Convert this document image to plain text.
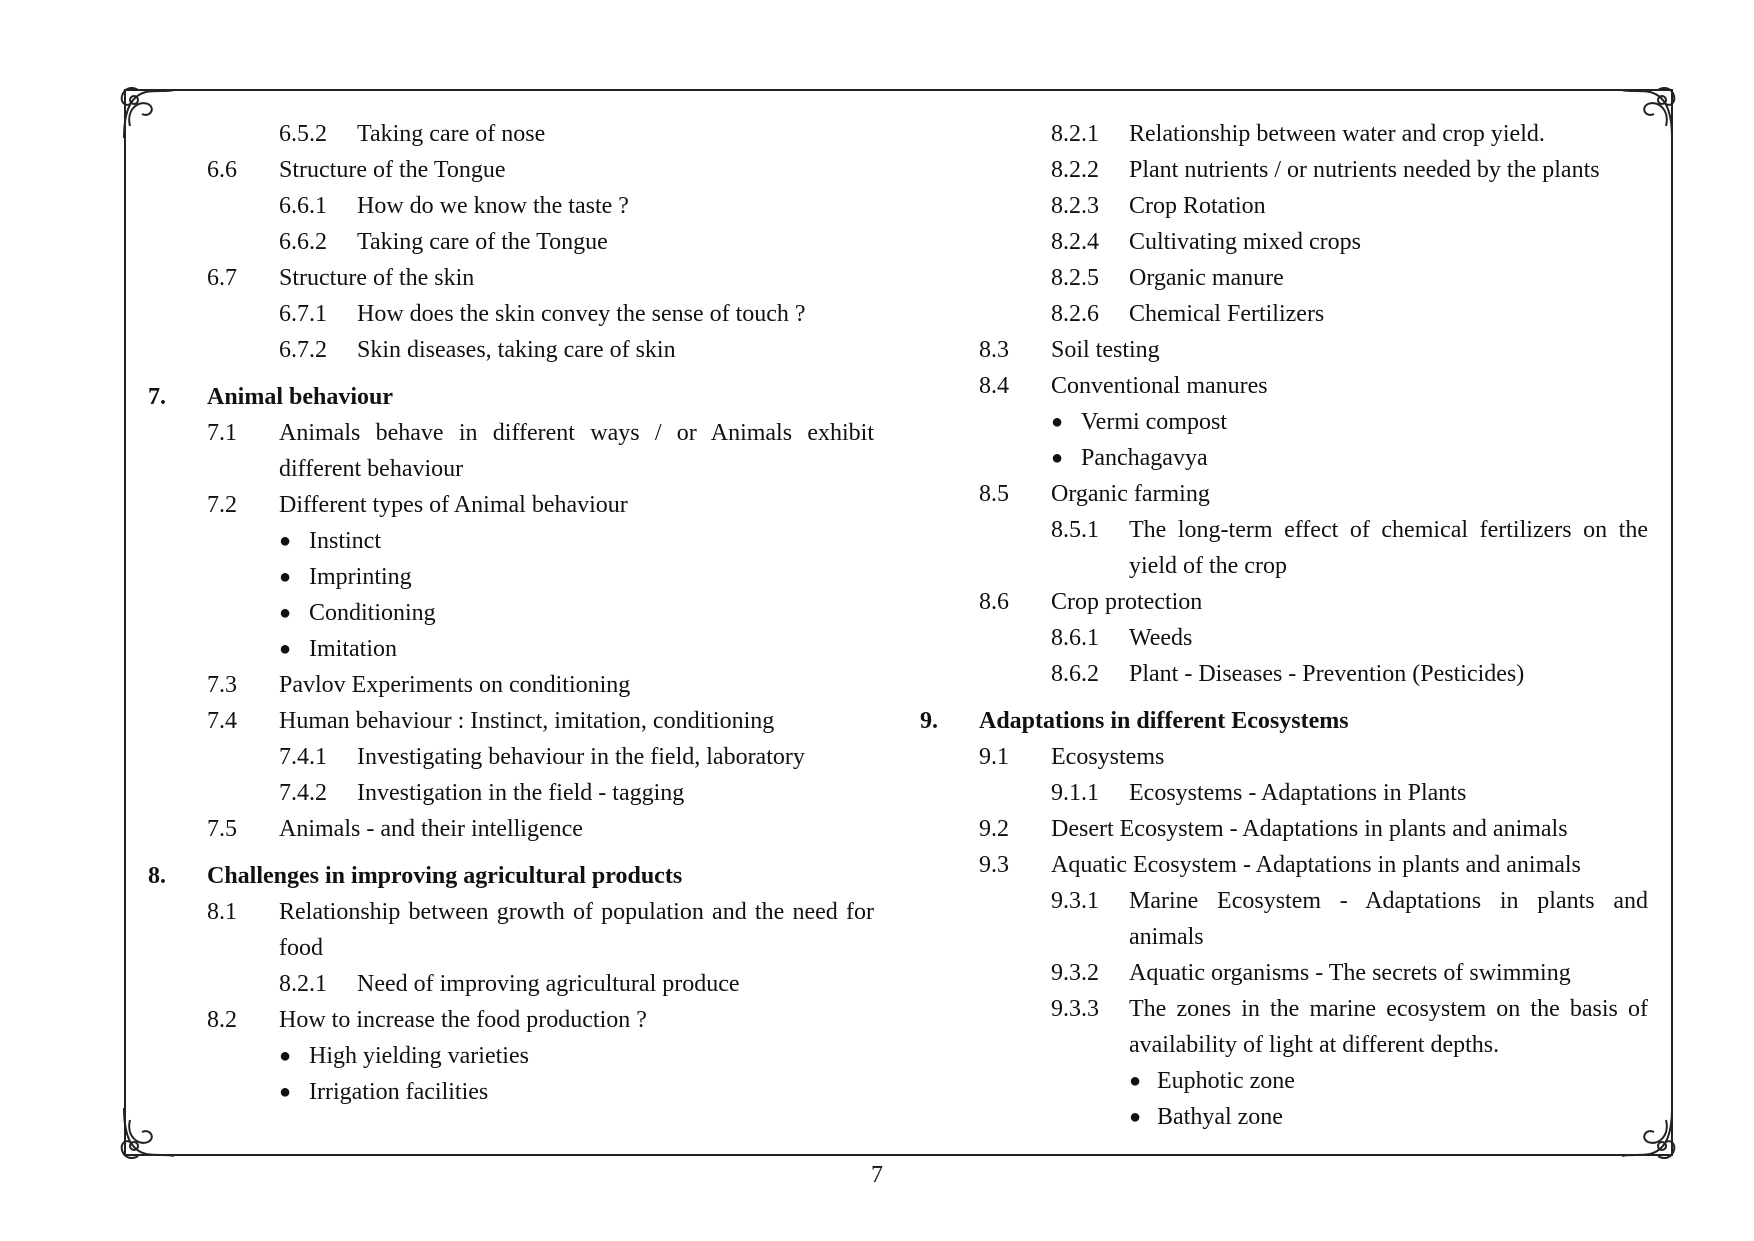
6.5.2 Taking care of nose
6.6 Structure of the Tongue
6.6.1 How do we know the taste ?
6.6.2 Taking care of the Tongue
6.7 Structure of the skin
6.7.1 How does the skin convey the sense of touch ?
6.7.2 Skin diseases, taking care of skin
7. Animal behaviour
7.1 Animals behave in different ways / or Animals exhibit different behaviour
7.2 Different types of Animal behaviour
● Instinct
● Imprinting
● Conditioning
● Imitation
7.3 Pavlov Experiments on conditioning
7.4 Human behaviour : Instinct, imitation, conditioning
7.4.1 Investigating behaviour in the field, laboratory
7.4.2 Investigation in the field - tagging
7.5 Animals - and their intelligence
8. Challenges in improving agricultural products
8.1 Relationship between growth of population and the need for food
8.2.1 Need of improving agricultural produce
8.2 How to increase the food production ?
● High yielding varieties
● Irrigation facilities
8.2.1 Relationship between water and crop yield.
8.2.2 Plant nutrients / or nutrients needed by the plants
8.2.3 Crop Rotation
8.2.4 Cultivating mixed crops
8.2.5 Organic manure
8.2.6 Chemical Fertilizers
8.3 Soil testing
8.4 Conventional manures
● Vermi compost
● Panchagavya
8.5 Organic farming
8.5.1 The long-term effect of chemical fertilizers on the yield of the crop
8.6 Crop protection
8.6.1 Weeds
8.6.2 Plant - Diseases - Prevention (Pesticides)
9. Adaptations in different Ecosystems
9.1 Ecosystems
9.1.1 Ecosystems - Adaptations in Plants
9.2 Desert Ecosystem - Adaptations in plants and animals
9.3 Aquatic Ecosystem - Adaptations in plants and animals
9.3.1 Marine Ecosystem - Adaptations in plants and animals
9.3.2 Aquatic organisms - The secrets of swimming
9.3.3 The zones in the marine ecosystem on the basis of availability of light at different depths.
● Euphotic zone
● Bathyal zone
7
